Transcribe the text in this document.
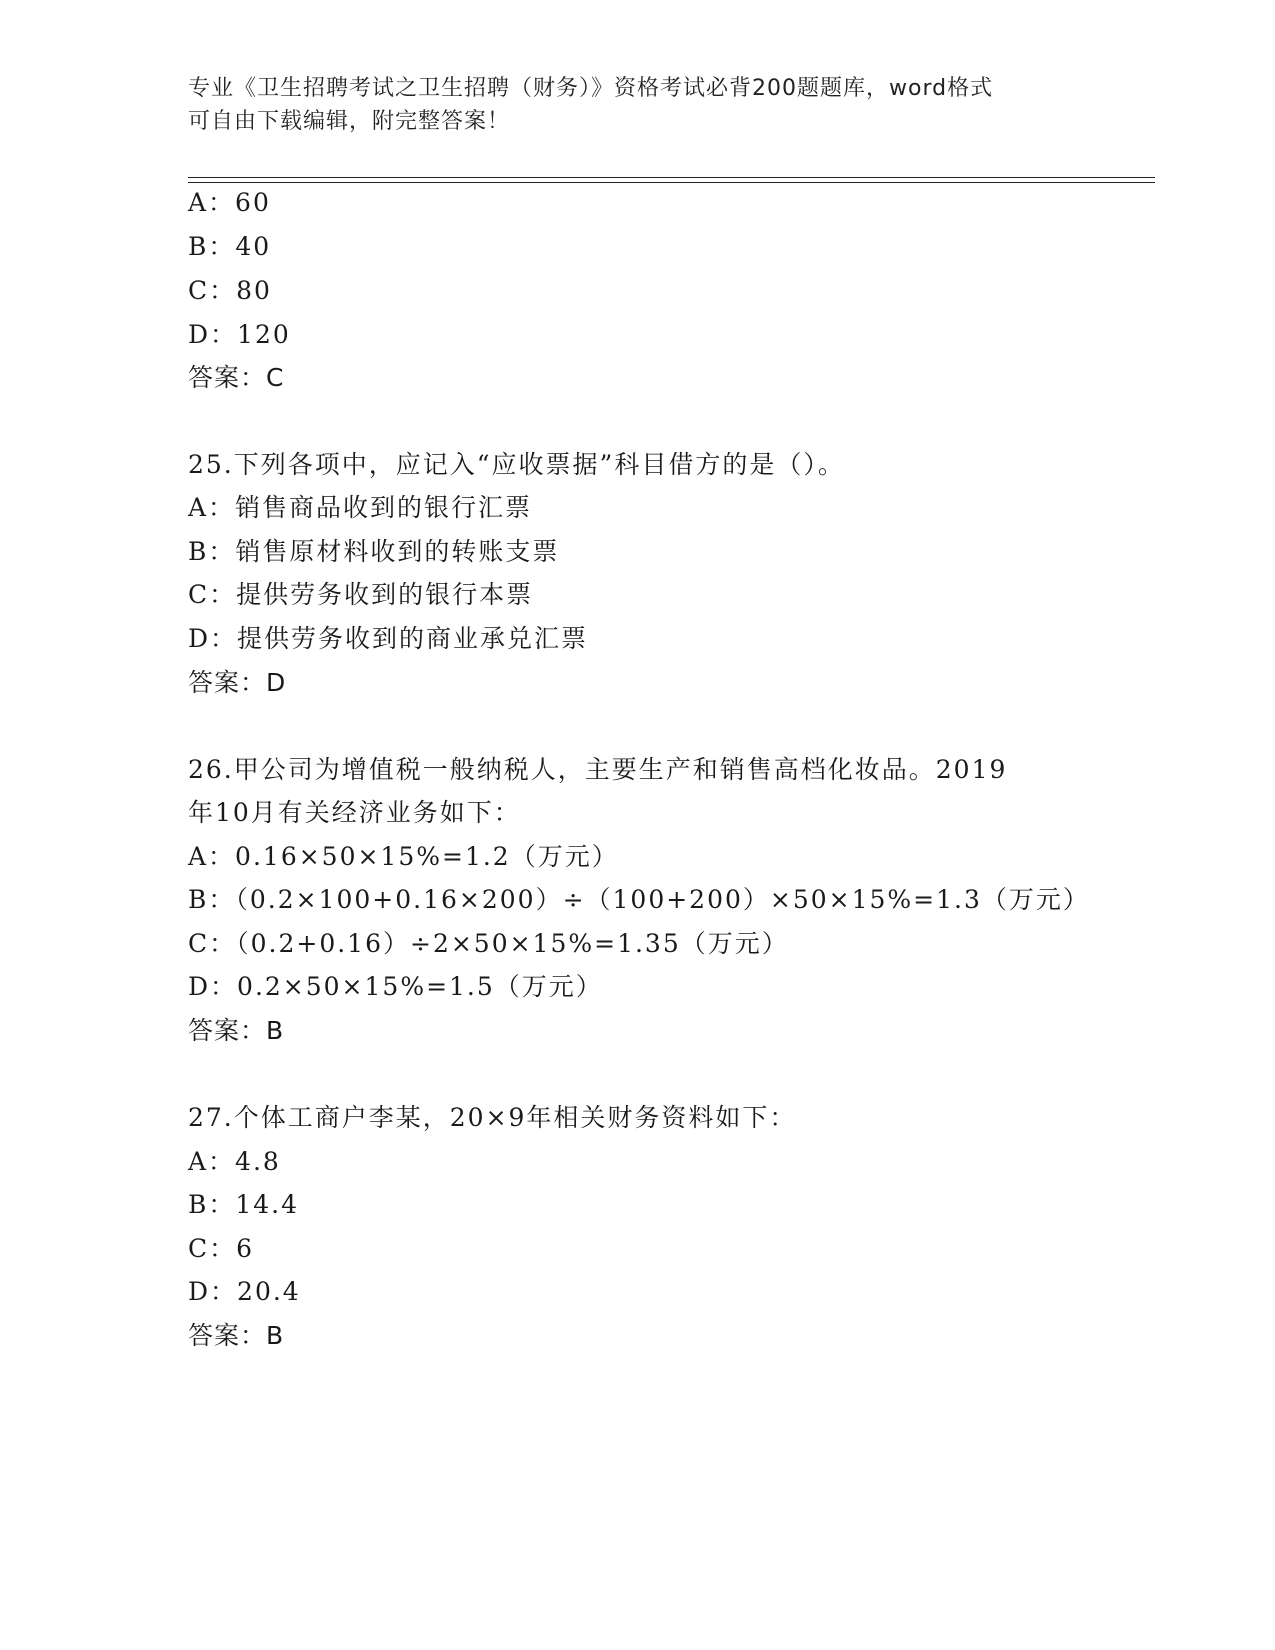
专业《卫生招聘考试之卫生招聘（财务）》资格考试必背200题题库，word格式
可自由下载编辑，附完整答案！
A：60
B：40
C：80
D：120
答案：C
25.下列各项中，应记入“应收票据”科目借方的是（）。
A：销售商品收到的银行汇票
B：销售原材料收到的转账支票
C：提供劳务收到的银行本票
D：提供劳务收到的商业承兑汇票
答案：D
26.甲公司为增值税一般纳税人，主要生产和销售高档化妆品。2019
年10月有关经济业务如下：
A：0.16×50×15%=1.2（万元）
B：（0.2×100+0.16×200）÷（100+200）×50×15%=1.3（万元）
C：（0.2+0.16）÷2×50×15%=1.35（万元）
D：0.2×50×15%=1.5（万元）
答案：B
27.个体工商户李某，20×9年相关财务资料如下：
A：4.8
B：14.4
C：6
D：20.4
答案：B
